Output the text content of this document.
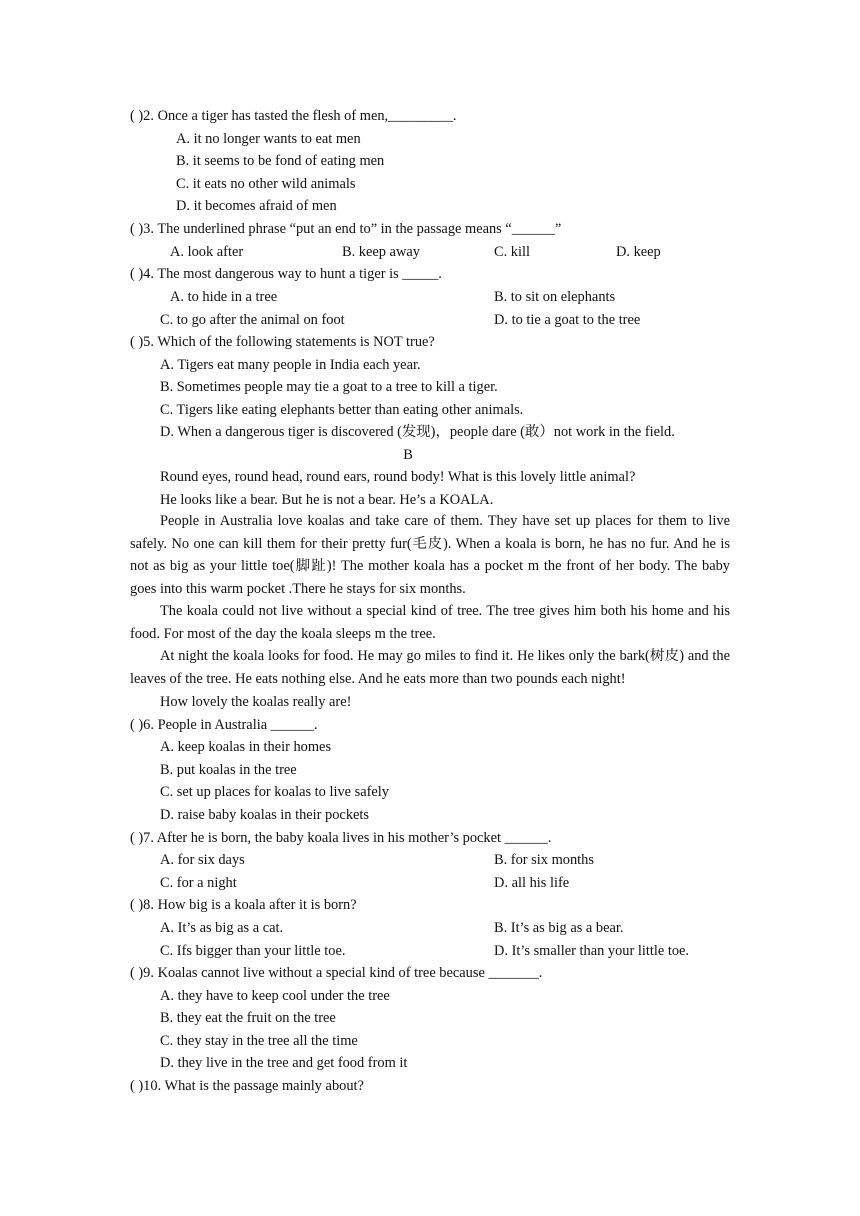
( )2. Once a tiger has tasted the flesh of men,_________.
A. it no longer wants to eat men
B. it seems to be fond of eating men
C. it eats no other wild animals
D. it becomes afraid of men
( )3. The underlined phrase “put an end to” in the passage means “______”
A. look after	B. keep away	C. kill	D. keep
( )4. The most dangerous way to hunt a tiger is _____.
A. to hide in a tree	B. to sit on elephants
C. to go after the animal on foot	D. to tie a goat to the tree
( )5. Which of the following statements is NOT true?
A. Tigers eat many people in India each year.
B. Sometimes people may tie a goat to a tree to kill a tiger.
C. Tigers like eating elephants better than eating other animals.
D. When a dangerous tiger is discovered (发现)，people dare (敢）not work in the field.
B
Round eyes, round head, round ears, round body! What is this lovely little animal?
He looks like a bear. But he is not a bear. He’s a KOALA.
People in Australia love koalas and take care of them. They have set up places for them to live safely. No one can kill them for their pretty fur(毛皮). When a koala is born, he has no fur. And he is not as big as your little toe(脚趾)! The mother koala has a pocket m the front of her body. The baby goes into this warm pocket .There he stays for six months.
The koala could not live without a special kind of tree. The tree gives him both his home and his food. For most of the day the koala sleeps m the tree.
At night the koala looks for food. He may go miles to find it. He likes only the bark(树皮) and the leaves of the tree. He eats nothing else. And he eats more than two pounds each night!
How lovely the koalas really are!
( )6. People in Australia ______.
A. keep koalas in their homes
B. put koalas in the tree
C. set up places for koalas to live safely
D. raise baby koalas in their pockets
( )7. After he is born, the baby koala lives in his mother’s pocket ______.
A. for six days	B. for six months
C. for a night	D. all his life
( )8. How big is a koala after it is born?
A. It’s as big as a cat.	B. It’s as big as a bear.
C. Ifs bigger than your little toe.	D. It’s smaller than your little toe.
( )9. Koalas cannot live without a special kind of tree because _______.
A. they have to keep cool under the tree
B. they eat the fruit on the tree
C. they stay in the tree all the time
D. they live in the tree and get food from it
( )10. What is the passage mainly about?
